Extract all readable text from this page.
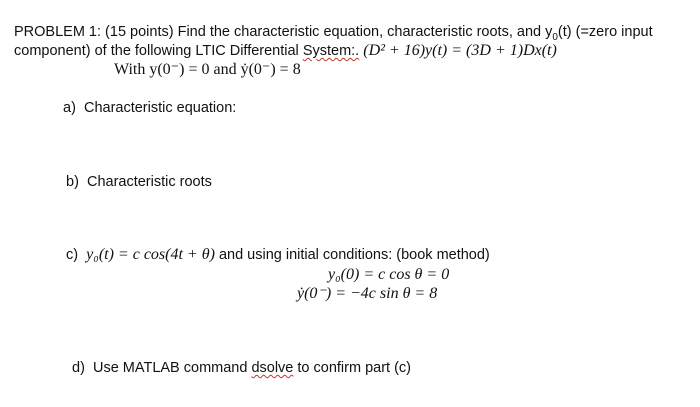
PROBLEM 1: (15 points) Find the characteristic equation, characteristic roots, and $y_0(t)$ (=zero input
component) of the following LTIC Differential System:. (D² + 16)y(t) = (3D + 1)Dx(t)
With y(0⁻) = 0 and ẏ(0⁻) = 8
a) Characteristic equation:
b) Characteristic roots
c) y₀(t) = c cos(4t + θ) and using initial conditions: (book method)
y₀(0) = c cos θ = 0
ẏ(0⁻) = −4c sin θ = 8
d) Use MATLAB command dsolve to confirm part (c)
